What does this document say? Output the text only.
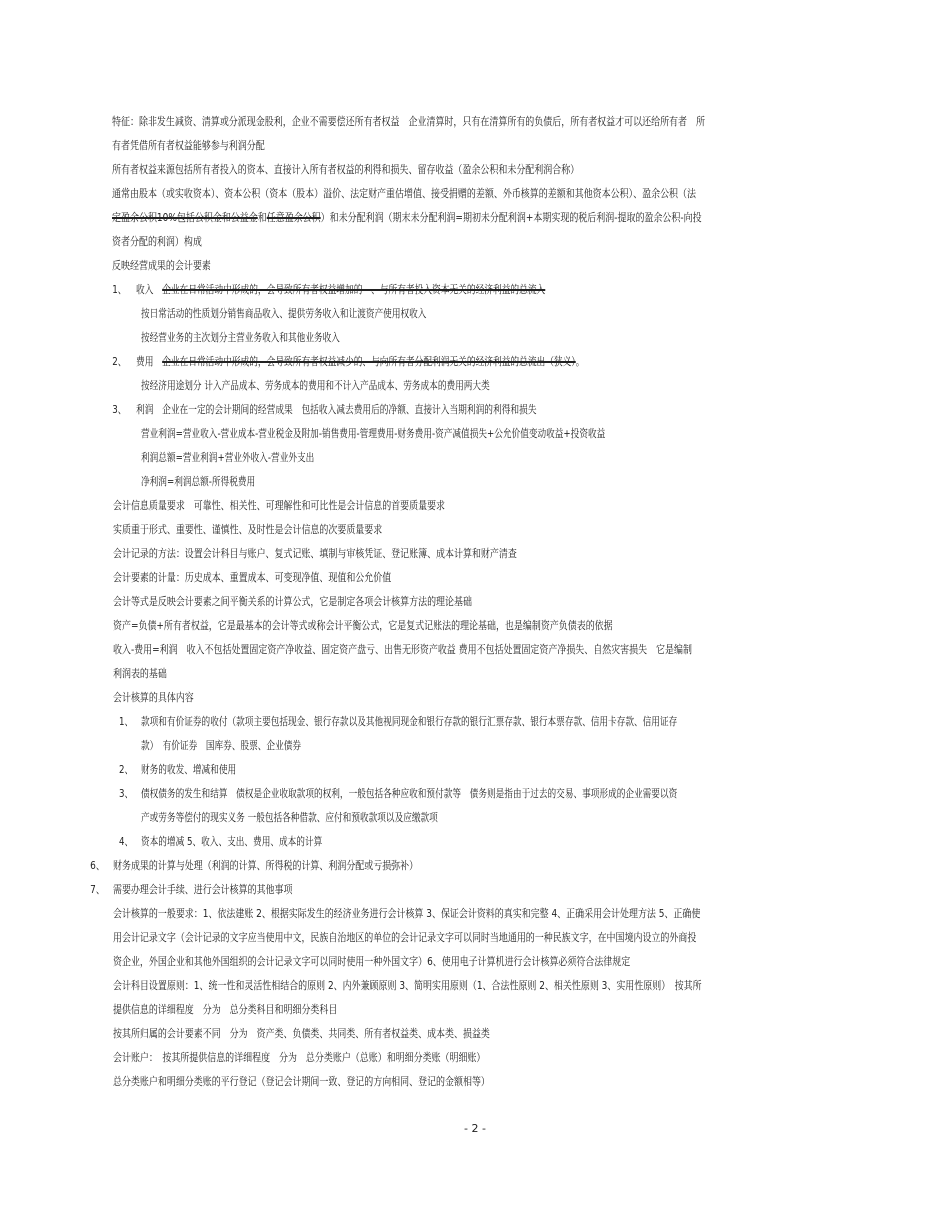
特征：除非发生减资、清算或分派现金股利，企业不需要偿还所有者权益　企业清算时，只有在清算所有的负债后，所有者权益才可以还给所有者　所
有者凭借所有者权益能够参与利润分配
所有者权益来源包括所有者投入的资本、直接计入所有者权益的利得和损失、留存收益（盈余公积和未分配利润合称）
通常由股本（或实收资本）、资本公积（资本（股本）溢价、法定财产重估增值、接受捐赠的差额、外币核算的差额和其他资本公积）、盈余公积（法
定盈余公积10%包括公积金和公益金和任意盈余公积）和未分配利润（期末未分配利润=期初未分配利润+本期实现的税后利润-提取的盈余公积-向投
资者分配的利润）构成
反映经营成果的会计要素
1、 收入　企业在日常活动中形成的，会导致所有者权益增加的　、与所有者投入资本无关的经济利益的总流入
按日常活动的性质划分销售商品收入、提供劳务收入和让渡资产使用权收入
按经营业务的主次划分主营业务收入和其他业务收入
2、 费用　企业在日常活动中形成的，会导致所有者权益减少的、与向所有者分配利润无关的经济利益的总流出（狭义）。
按经济用途划分 计入产品成本、劳务成本的费用和不计入产品成本、劳务成本的费用两大类
3、 利润　企业在一定的会计期间的经营成果　包括收入减去费用后的净额、直接计入当期利润的利得和损失
营业利润=营业收入-营业成本-营业税金及附加-销售费用-管理费用-财务费用-资产减值损失+公允价值变动收益+投资收益
利润总额=营业利润+营业外收入-营业外支出
净利润=利润总额-所得税费用
会计信息质量要求　可靠性、相关性、可理解性和可比性是会计信息的首要质量要求
实质重于形式、重要性、谨慎性、及时性是会计信息的次要质量要求
会计记录的方法：设置会计科目与账户、复式记账、填制与审核凭证、登记账簿、成本计算和财产清查
会计要素的计量：历史成本、重置成本、可变现净值、现值和公允价值
会计等式是反映会计要素之间平衡关系的计算公式，它是制定各项会计核算方法的理论基础
资产=负债+所有者权益，它是最基本的会计等式或称会计平衡公式，它是复式记账法的理论基础，也是编制资产负债表的依据
收入-费用=利润　收入不包括处置固定资产净收益、固定资产盘亏、出售无形资产收益 费用不包括处置固定资产净损失、自然灾害损失　它是编制
利润表的基础
会计核算的具体内容
1、 款项和有价证券的收付（款项主要包括现金、银行存款以及其他视同现金和银行存款的银行汇票存款、银行本票存款、信用卡存款、信用证存
款）　有价证券　国库券、股票、企业债券
2、 财务的收发、增减和使用
3、 债权债务的发生和结算　债权是企业收取款项的权利，一般包括各种应收和预付款等　债务则是指由于过去的交易、事项形成的企业需要以资
产或劳务等偿付的现实义务 一般包括各种借款、应付和预收款项以及应缴款项
4、 资本的增减 5、收入、支出、费用、成本的计算
6、 财务成果的计算与处理（利润的计算、所得税的计算、利润分配或亏损弥补）
7、 需要办理会计手续、进行会计核算的其他事项
会计核算的一般要求：1、依法建账 2、根据实际发生的经济业务进行会计核算 3、保证会计资料的真实和完整 4、正确采用会计处理方法 5、正确使
用会计记录文字（会计记录的文字应当使用中文，民族自治地区的单位的会计记录文字可以同时当地通用的一种民族文字，在中国境内设立的外商投
资企业，外国企业和其他外国组织的会计记录文字可以同时使用一种外国文字）6、使用电子计算机进行会计核算必须符合法律规定
会计科目设置原则：1、统一性和灵活性相结合的原则 2、内外兼顾原则 3、简明实用原则（1、合法性原则 2、相关性原则 3、实用性原则）　按其所
提供信息的详细程度　分为　总分类科目和明细分类科目
按其所归属的会计要素不同　分为　资产类、负债类、共同类、所有者权益类、成本类、损益类
会计账户：　按其所提供信息的详细程度　分为　总分类账户（总账）和明细分类账（明细账）
总分类账户和明细分类账的平行登记（登记会计期间一致、登记的方向相同、登记的金额相等）
- 2 -
